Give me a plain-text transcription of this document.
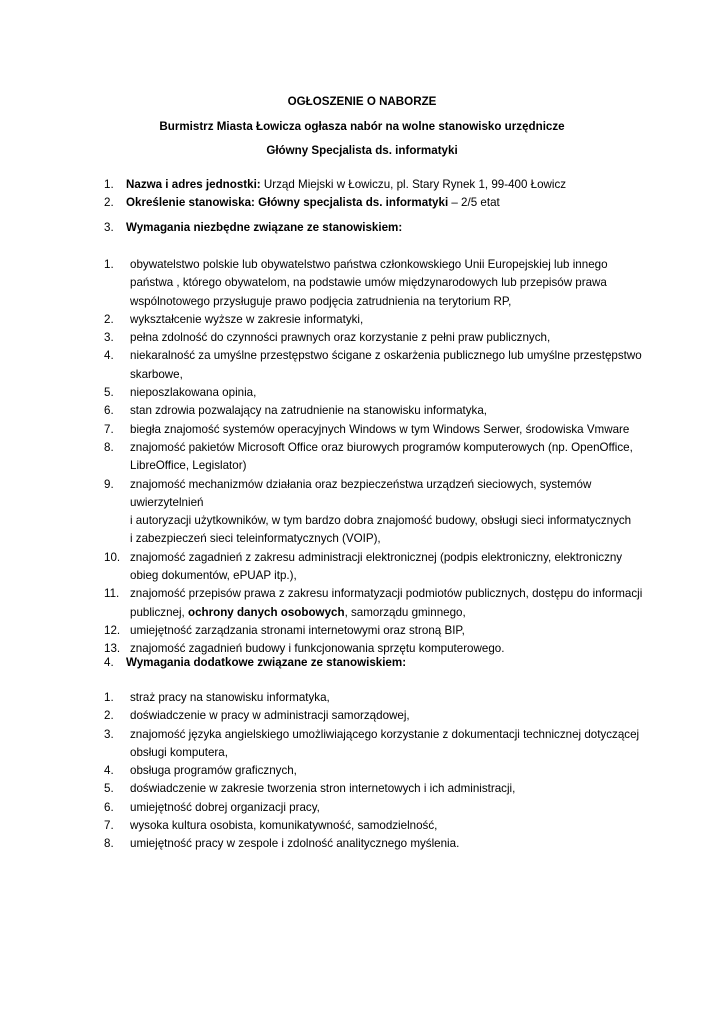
OGŁOSZENIE O NABORZE
Burmistrz Miasta Łowicza ogłasza nabór na wolne stanowisko urzędnicze
Główny Specjalista ds. informatyki
1. Nazwa i adres jednostki: Urząd Miejski w Łowiczu, pl. Stary Rynek 1, 99-400 Łowicz
2. Określenie stanowiska: Główny specjalista ds. informatyki – 2/5 etat
3. Wymagania niezbędne związane ze stanowiskiem:
1. obywatelstwo polskie lub obywatelstwo państwa członkowskiego Unii Europejskiej lub innego państwa , którego obywatelom, na podstawie umów międzynarodowych lub przepisów prawa wspólnotowego przysługuje prawo podjęcia zatrudnienia na terytorium RP,
2. wykształcenie wyższe w zakresie informatyki,
3. pełna zdolność do czynności prawnych oraz korzystanie z pełni praw publicznych,
4. niekaralność za umyślne przestępstwo ścigane z oskarżenia publicznego lub umyślne przestępstwo skarbowe,
5. nieposzlakowana opinia,
6. stan zdrowia pozwalający na zatrudnienie na stanowisku informatyka,
7. biegła znajomość systemów operacyjnych Windows w tym Windows Serwer, środowiska Vmware
8. znajomość pakietów Microsoft Office oraz biurowych programów komputerowych (np. OpenOffice, LibreOffice, Legislator)
9. znajomość mechanizmów działania oraz bezpieczeństwa urządzeń sieciowych, systemów uwierzytelnień
i autoryzacji użytkowników, w tym bardzo dobra znajomość budowy, obsługi sieci informatycznych
i zabezpieczeń sieci teleinformatycznych (VOIP),
10. znajomość zagadnień z zakresu administracji elektronicznej (podpis elektroniczny, elektroniczny obieg dokumentów, ePUAP itp.),
11. znajomość przepisów prawa z zakresu informatyzacji podmiotów publicznych, dostępu do informacji publicznej, ochrony danych osobowych, samorządu gminnego,
12. umiejętność zarządzania stronami internetowymi oraz stroną BIP,
13. znajomość zagadnień budowy i funkcjonowania sprzętu komputerowego.
4. Wymagania dodatkowe związane ze stanowiskiem:
1. straż pracy na stanowisku informatyka,
2. doświadczenie w pracy w administracji samorządowej,
3. znajomość języka angielskiego umożliwiającego korzystanie z dokumentacji technicznej dotyczącej obsługi komputera,
4. obsługa programów graficznych,
5. doświadczenie w zakresie tworzenia stron internetowych i ich administracji,
6. umiejętność dobrej organizacji pracy,
7. wysoka kultura osobista, komunikatywność, samodzielność,
8. umiejętność pracy w zespole i zdolność analitycznego myślenia.
